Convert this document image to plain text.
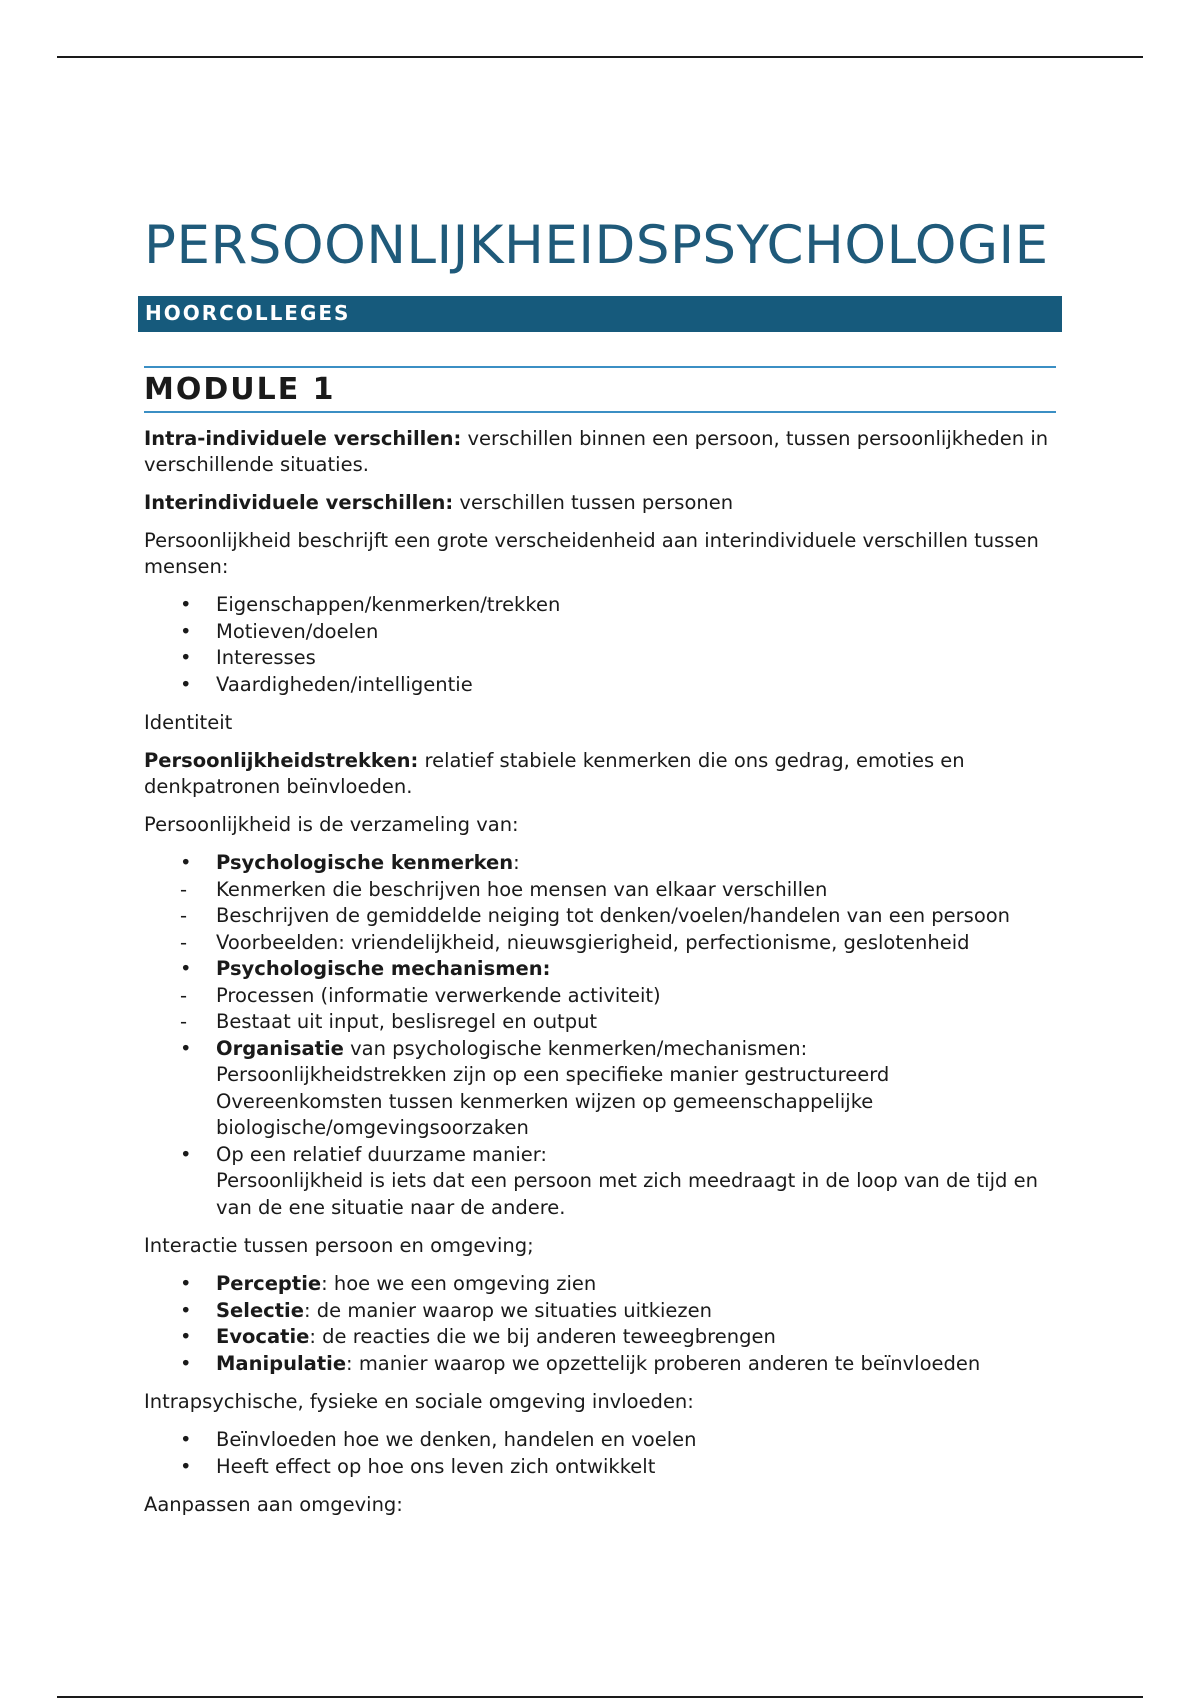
PERSOONLIJKHEIDSPSYCHOLOGIE
HOORCOLLEGES
MODULE 1

Intra-individuele verschillen: verschillen binnen een persoon, tussen persoonlijkheden in verschillende situaties.

Interindividuele verschillen: verschillen tussen personen

Persoonlijkheid beschrijft een grote verscheidenheid aan interindividuele verschillen tussen mensen:

• Eigenschappen/kenmerken/trekken
• Motieven/doelen
• Interesses
• Vaardigheden/intelligentie

Identiteit

Persoonlijkheidstrekken: relatief stabiele kenmerken die ons gedrag, emoties en denkpatronen beïnvloeden.

Persoonlijkheid is de verzameling van:

• Psychologische kenmerken:
- Kenmerken die beschrijven hoe mensen van elkaar verschillen
- Beschrijven de gemiddelde neiging tot denken/voelen/handelen van een persoon
- Voorbeelden: vriendelijkheid, nieuwsgierigheid, perfectionisme, geslotenheid
• Psychologische mechanismen:
- Processen (informatie verwerkende activiteit)
- Bestaat uit input, beslisregel en output
• Organisatie van psychologische kenmerken/mechanismen:
Persoonlijkheidstrekken zijn op een specifieke manier gestructureerd
Overeenkomsten tussen kenmerken wijzen op gemeenschappelijke biologische/omgevingsoorzaken
• Op een relatief duurzame manier:
Persoonlijkheid is iets dat een persoon met zich meedraagt in de loop van de tijd en van de ene situatie naar de andere.

Interactie tussen persoon en omgeving;

• Perceptie: hoe we een omgeving zien
• Selectie: de manier waarop we situaties uitkiezen
• Evocatie: de reacties die we bij anderen teweegbrengen
• Manipulatie: manier waarop we opzettelijk proberen anderen te beïnvloeden

Intrapsychische, fysieke en sociale omgeving invloeden:

• Beïnvloeden hoe we denken, handelen en voelen
• Heeft effect op hoe ons leven zich ontwikkelt

Aanpassen aan omgeving:
